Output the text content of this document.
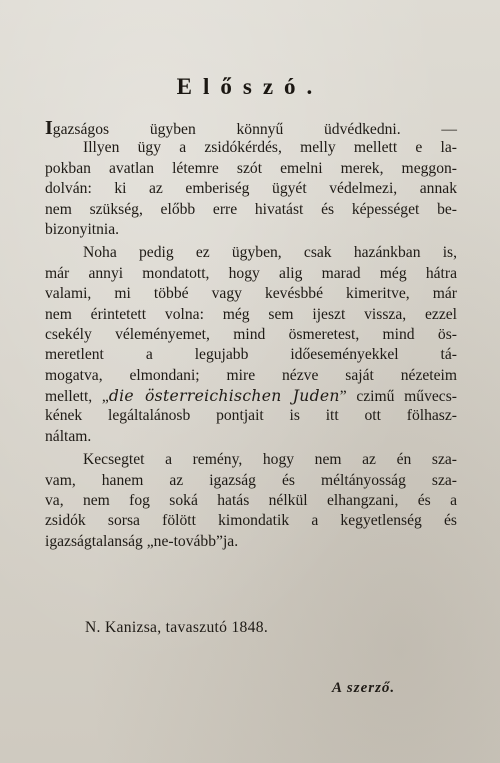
Előszó.
Igazságos ügyben könnyű üdvédkedni. —
Illyen ügy a zsidókérdés, melly mellett e la-
pokban avatlan létemre szót emelni merek, meggon-
dolván: ki az emberiség ügyét védelmezi, annak
nem szükség, előbb erre hivatást és képességet be-
bizonyitnia.
Noha pedig ez ügyben, csak hazánkban is,
már annyi mondatott, hogy alig marad még hátra
valami, mi többé vagy kevésbbé kimeritve, már
nem érintetett volna: még sem ijeszt vissza, ezzel
csekély véleményemet, mind ösmeretest, mind ös-
meretlent a legujabb időeseményekkel tá-
mogatva, elmondani; mire nézve saját nézeteim
mellett, „die österreichischen Juden” czimű művecs-
kének legáltalánosb pontjait is itt ott fölhasz-
náltam.
Kecsegtet a remény, hogy nem az én sza-
vam, hanem az igazság és méltányosság sza-
va, nem fog soká hatás nélkül elhangzani, és a
zsidók sorsa fölött kimondatik a kegyetlenség és
igazságtalanság „ne-tovább”ja.
N. Kanizsa, tavaszutó 1848.
A szerző.
